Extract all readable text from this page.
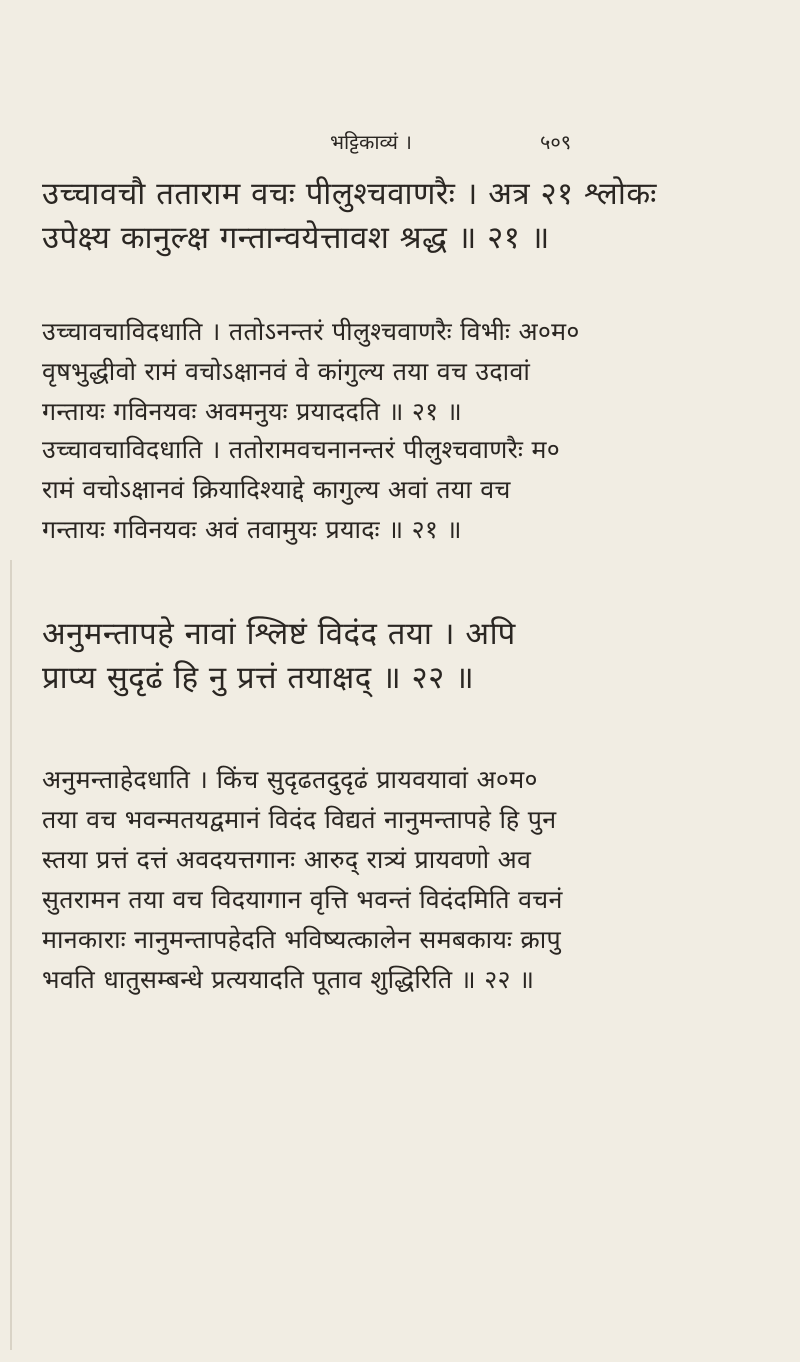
भट्टिकाव्यं ।	५०९
उच्चावचौ तताराम वचः पीलुश्चवाणरैः । अत्र २१ श्लोकः
उपेक्ष्य कानुल्क्ष गन्तान्वयेत्तावश श्रद्ध ॥ २१ ॥
उच्चावचाविदधाति । ततोऽनन्तरं पीलुश्चवाणरैः विभीः अ०म०
वृषभुद्धीवो रामं वचोऽक्षानवं वे कांगुल्य तया वच उदावां
गन्तायः गविनयवः अवमनुयः प्रयाददति ॥ २१ ॥
उच्चावचाविदधाति । ततोरामवचनानन्तरं पीलुश्चवाणरैः म०
रामं वचोऽक्षानवं क्रियादिश्याद्दे कागुल्य अवां तया वच
गन्तायः गविनयवः अवं तवामुयः प्रयादः ॥ २१ ॥
अनुमन्तापहे नावां श्लिष्टं विदंद तया । अपि
प्राप्य सुदृढं हि नु प्रत्तं तयाक्षद् ॥ २२ ॥
अनुमन्ताहेदधाति । किंच सुदृढतदुदृढं प्रायवयावां अ०म०
तया वच भवन्मतयद्वमानं विदंद विद्यतं नानुमन्तापहे हि पुन
स्तया प्रत्तं दत्तं अवदयत्तगानः आरुद् रात्र्यं प्रायवणो अव
सुतरामन तया वच विदयागान वृत्ति भवन्तं विदंदमिति वचनं
मानकाराः नानुमन्तापहेदति भविष्यत्कालेन समबकायः क्रापु
भवति धातुसम्बन्धे प्रत्ययादति पूताव शुद्धिरिति ॥ २२ ॥
